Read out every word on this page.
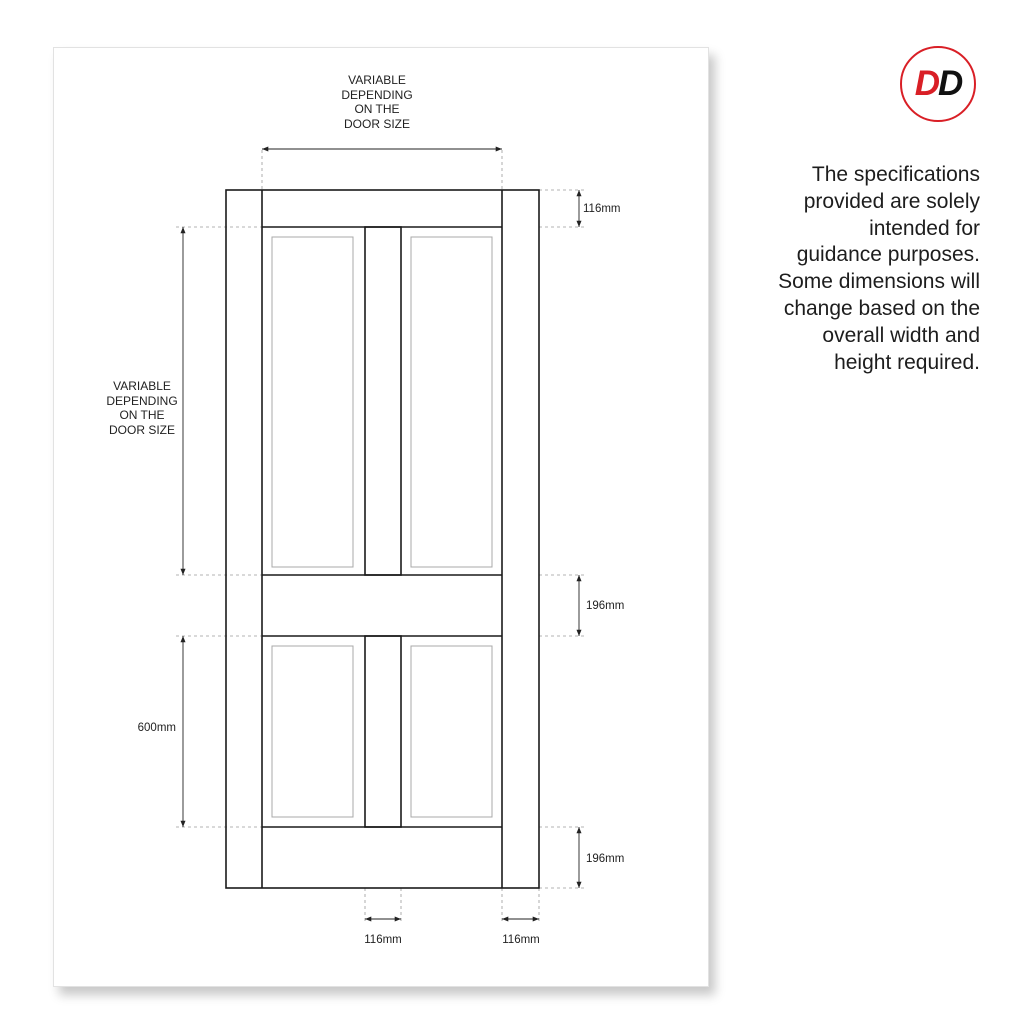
116mm
196mm
196mm
600mm
116mm	116mm
VARIABLE
DEPENDING
ON THE
DOOR SIZE
VARIABLE
DEPENDING
ON THE
DOOR SIZE
DD
The specifications
provided are solely
intended for
guidance purposes.
Some dimensions will
change based on the
overall width and
height required.
